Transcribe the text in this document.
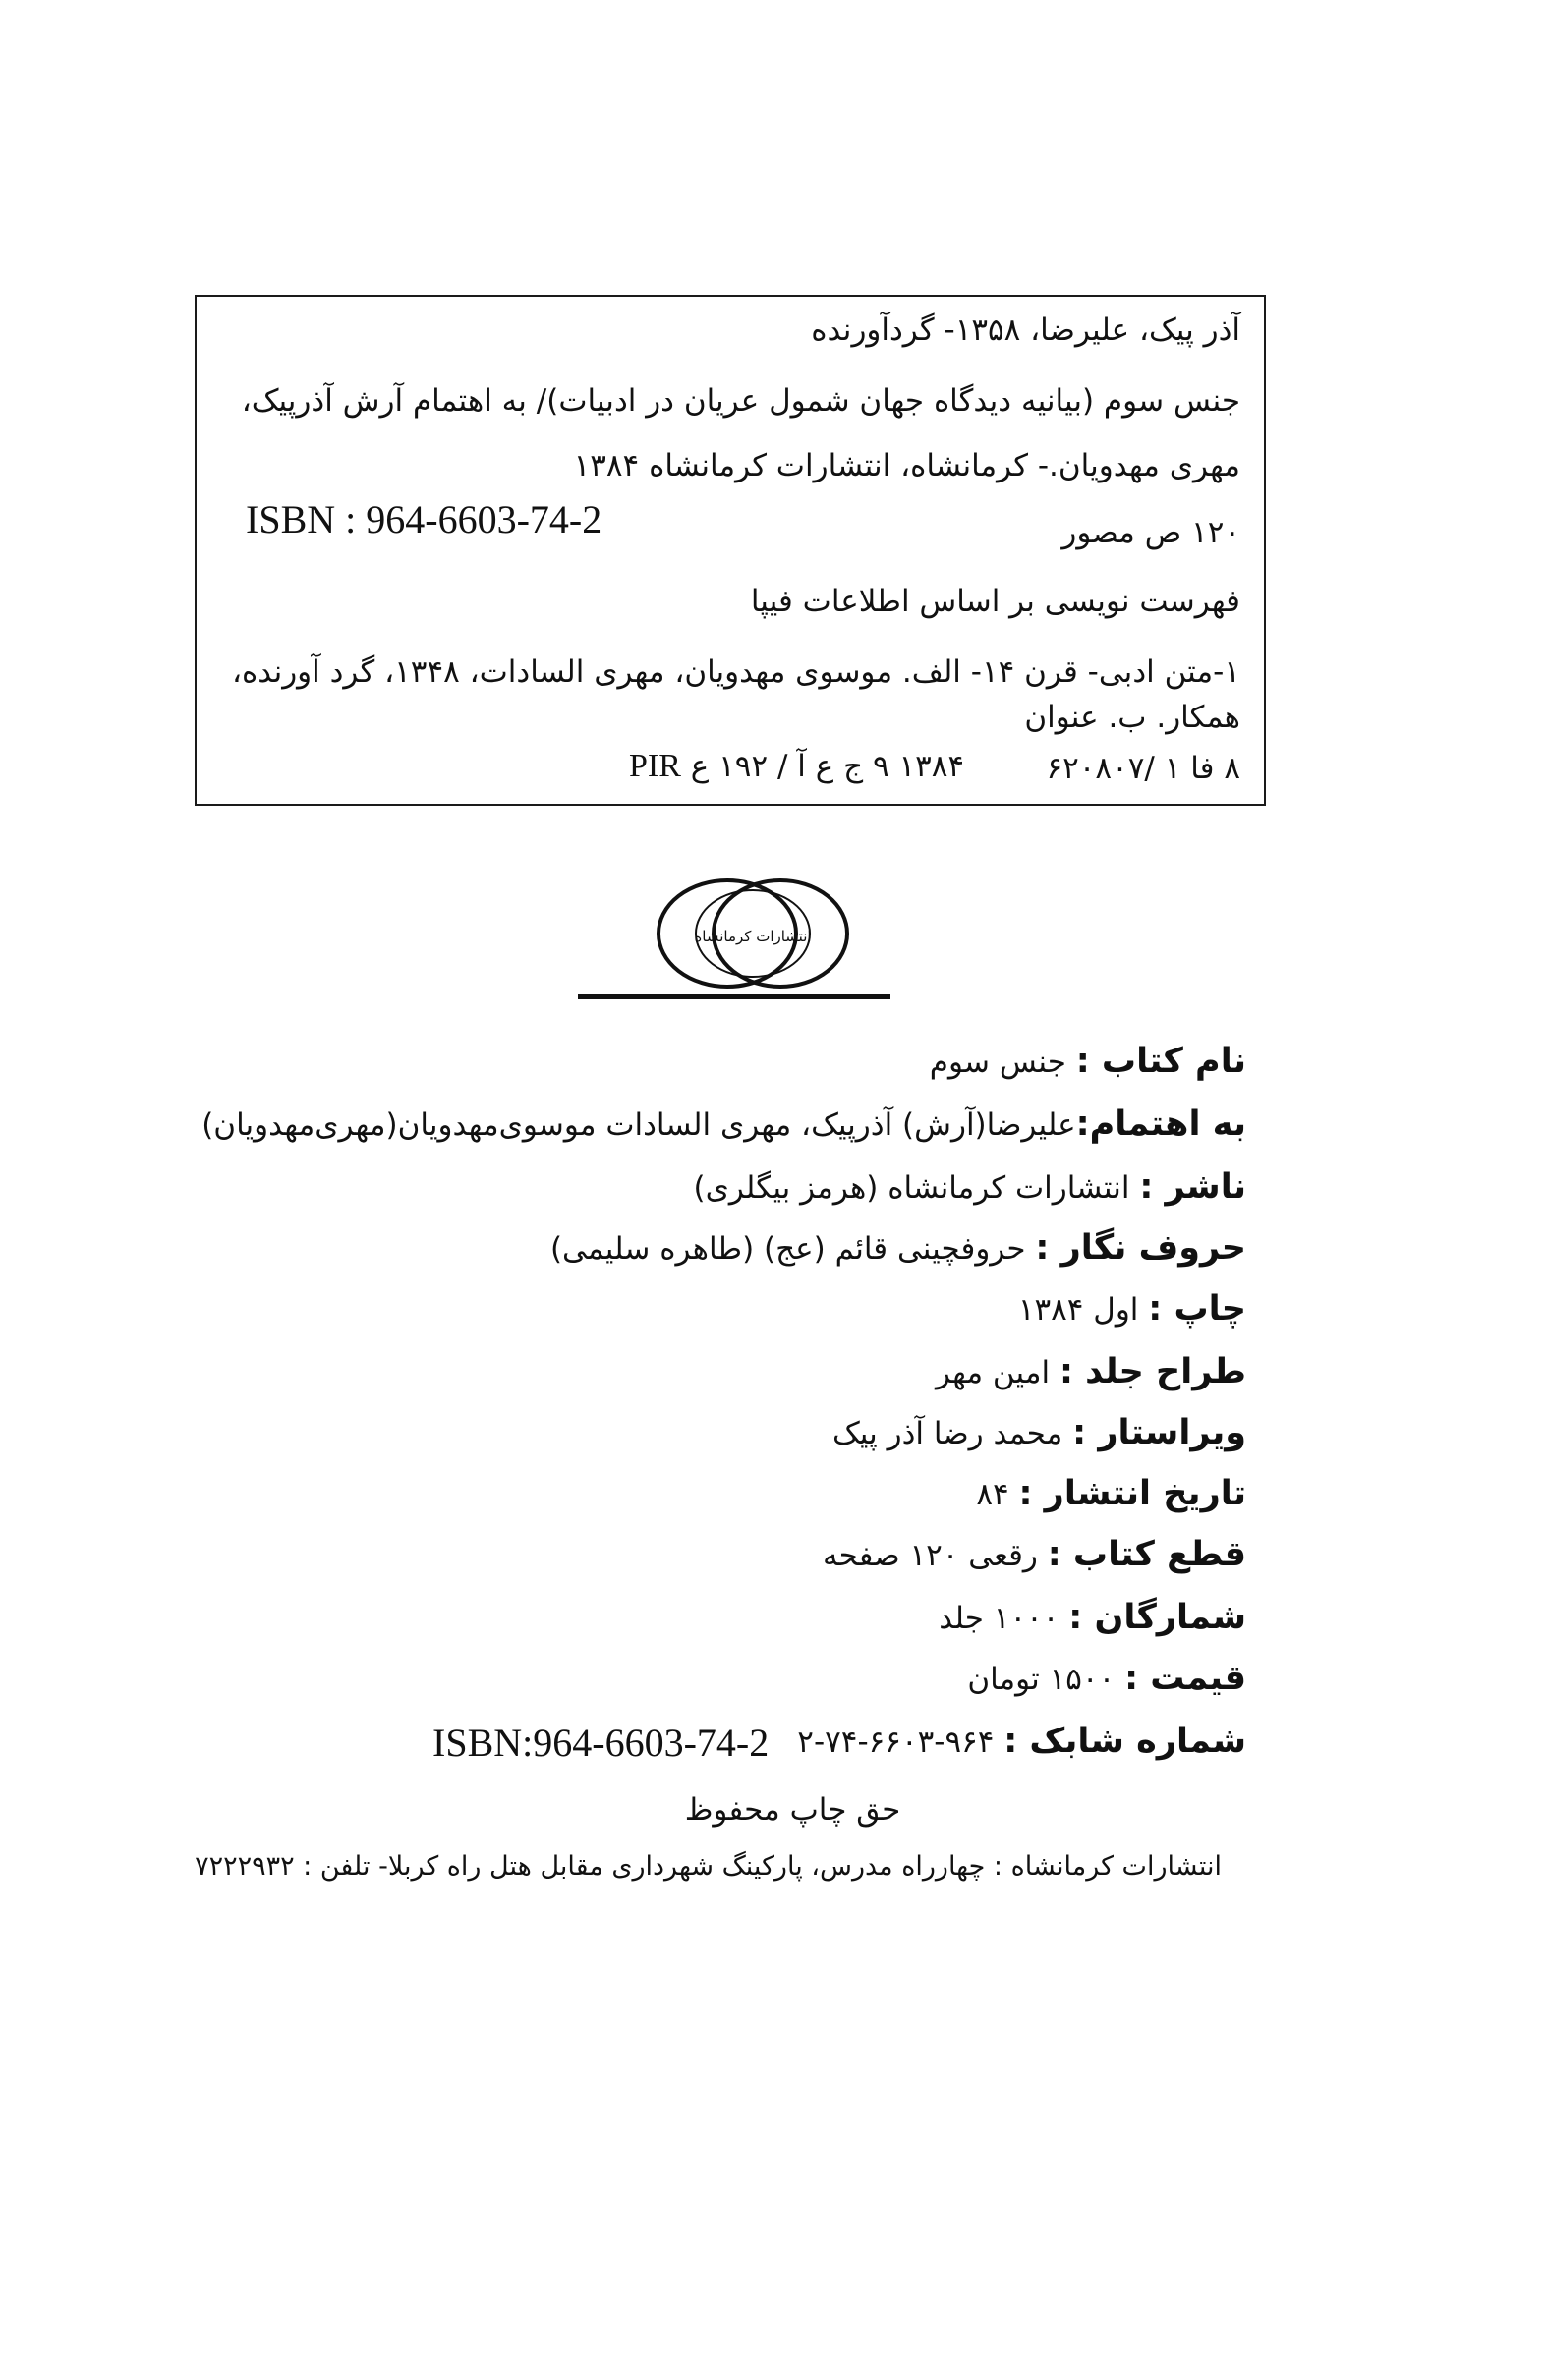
آذر پیک، علیرضا، ۱۳۵۸- گردآورنده
جنس سوم (بیانیه دیدگاه جهان شمول عریان در ادبیات)/ به اهتمام آرش آذرپیک،
مهری مهدویان.- کرمانشاه، انتشارات کرمانشاه ۱۳۸۴
۱۲۰ ص مصور
ISBN : 964-6603-74-2
فهرست نویسی بر اساس اطلاعات فیپا
۱-متن ادبی- قرن ۱۴- الف. موسوی مهدویان، مهری السادات، ۱۳۴۸، گرد آورنده،
همکار. ب. عنوان
۸ فا ۱ /۶۲۰۸۰۷
۱۳۸۴ ۹ ج ع آ / ۱۹۲ ع PIR
انتشارات کرمانشاه
نام کتاب : جنس سوم
به اهتمام:علیرضا(آرش) آذرپیک، مهری السادات موسوی‌مهدویان(مهری‌مهدویان)
ناشر : انتشارات کرمانشاه (هرمز بیگلری)
حروف نگار : حروفچینی قائم (عج) (طاهره سلیمی)
چاپ : اول ۱۳۸۴
طراح جلد : امین مهر
ویراستار : محمد رضا آذر پیک
تاریخ انتشار : ۸۴
قطع کتاب : رقعی ۱۲۰ صفحه
شمارگان : ۱۰۰۰ جلد
قیمت : ۱۵۰۰ تومان
شماره شابک : ۹۶۴-۶۶۰۳-۷۴-۲
ISBN:964-6603-74-2
حق چاپ محفوظ
انتشارات کرمانشاه : چهارراه مدرس، پارکینگ شهرداری مقابل هتل راه کربلا- تلفن : ۷۲۲۲۹۳۲
